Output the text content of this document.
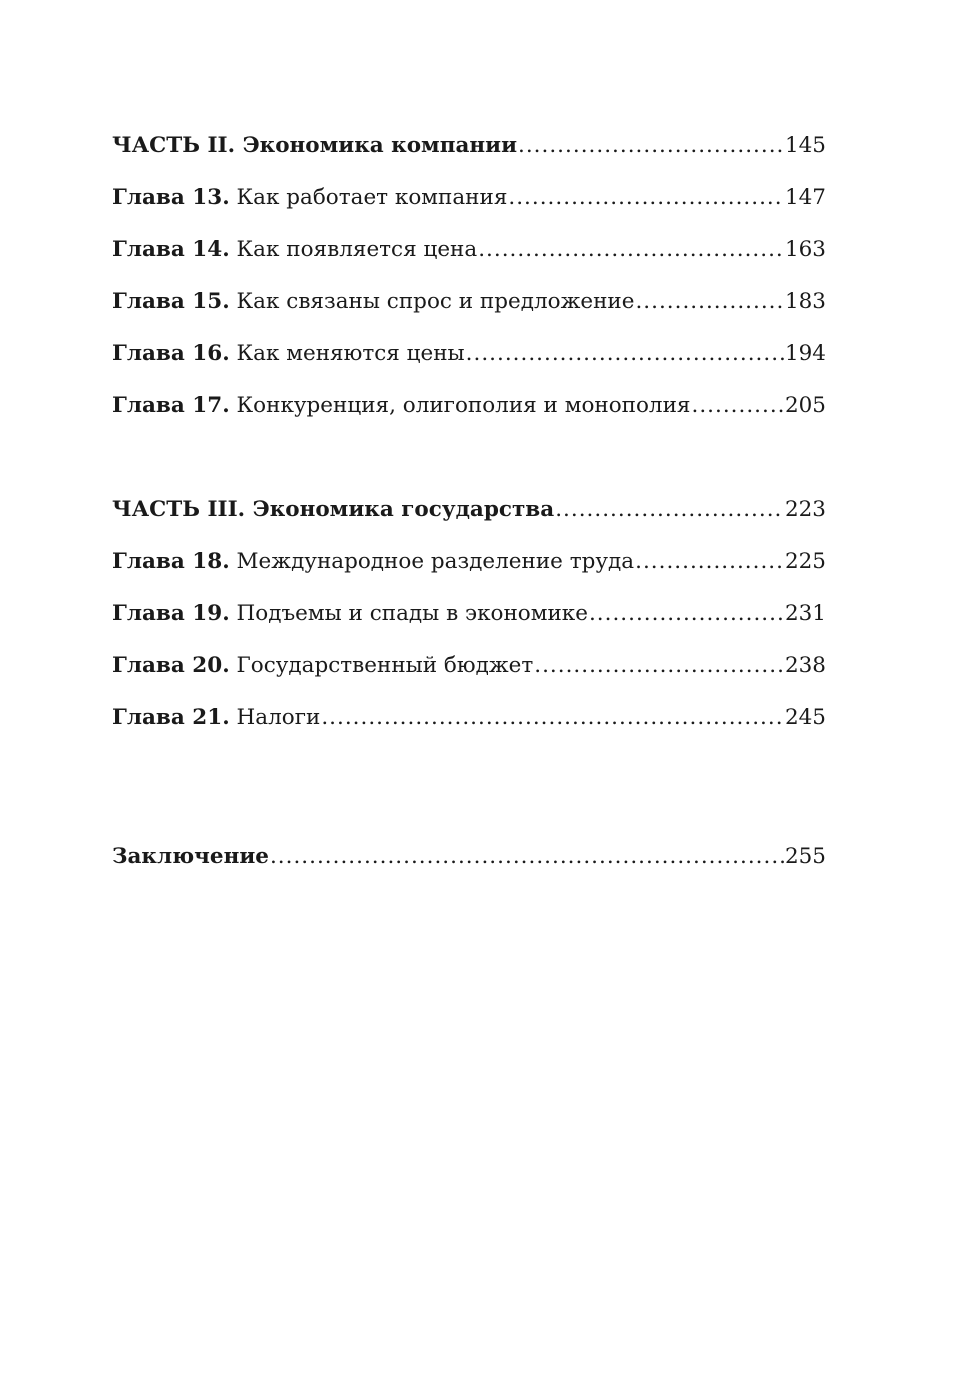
ЧАСТЬ II. Экономика компании .....	145
Глава 13. Как работает компания .....	147
Глава 14. Как появляется цена .....	163
Глава 15. Как связаны спрос и предложение .....	183
Глава 16. Как меняются цены .....	194
Глава 17. Конкуренция, олигополия и монополия .....	205
ЧАСТЬ III. Экономика государства .....	223
Глава 18. Международное разделение труда .....	225
Глава 19. Подъемы и спады в экономике .....	231
Глава 20. Государственный бюджет .....	238
Глава 21. Налоги .....	245
Заключение .....	255
